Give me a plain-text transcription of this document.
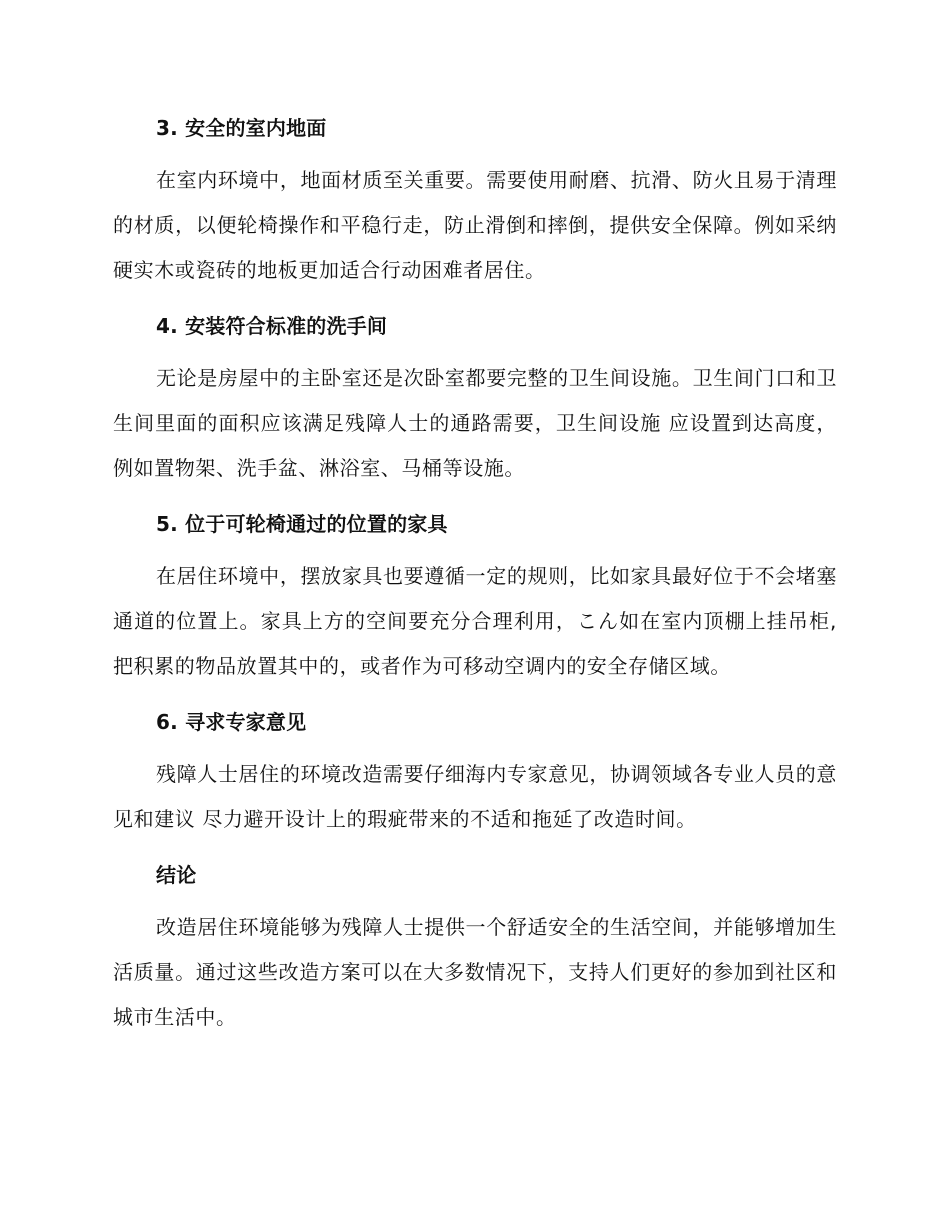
3. 安全的室内地面

在室内环境中，地面材质至关重要。需要使用耐磨、抗滑、防火且易于清理的材质，以便轮椅操作和平稳行走，防止滑倒和摔倒，提供安全保障。例如采纳硬实木或瓷砖的地板更加适合行动困难者居住。

4. 安装符合标准的洗手间

无论是房屋中的主卧室还是次卧室都要完整的卫生间设施。卫生间门口和卫生间里面的面积应该满足残障人士的通路需要，卫生间设施 应设置到达高度，例如置物架、洗手盆、淋浴室、马桶等设施。

5. 位于可轮椅通过的位置的家具

在居住环境中，摆放家具也要遵循一定的规则，比如家具最好位于不会堵塞通道的位置上。家具上方的空间要充分合理利用，こん如在室内顶棚上挂吊柜,把积累的物品放置其中的，或者作为可移动空调内的安全存储区域。

6. 寻求专家意见

残障人士居住的环境改造需要仔细海内专家意见，协调领域各专业人员的意见和建议 尽力避开设计上的瑕疵带来的不适和拖延了改造时间。

结论

改造居住环境能够为残障人士提供一个舒适安全的生活空间，并能够增加生活质量。通过这些改造方案可以在大多数情况下，支持人们更好的参加到社区和城市生活中。
